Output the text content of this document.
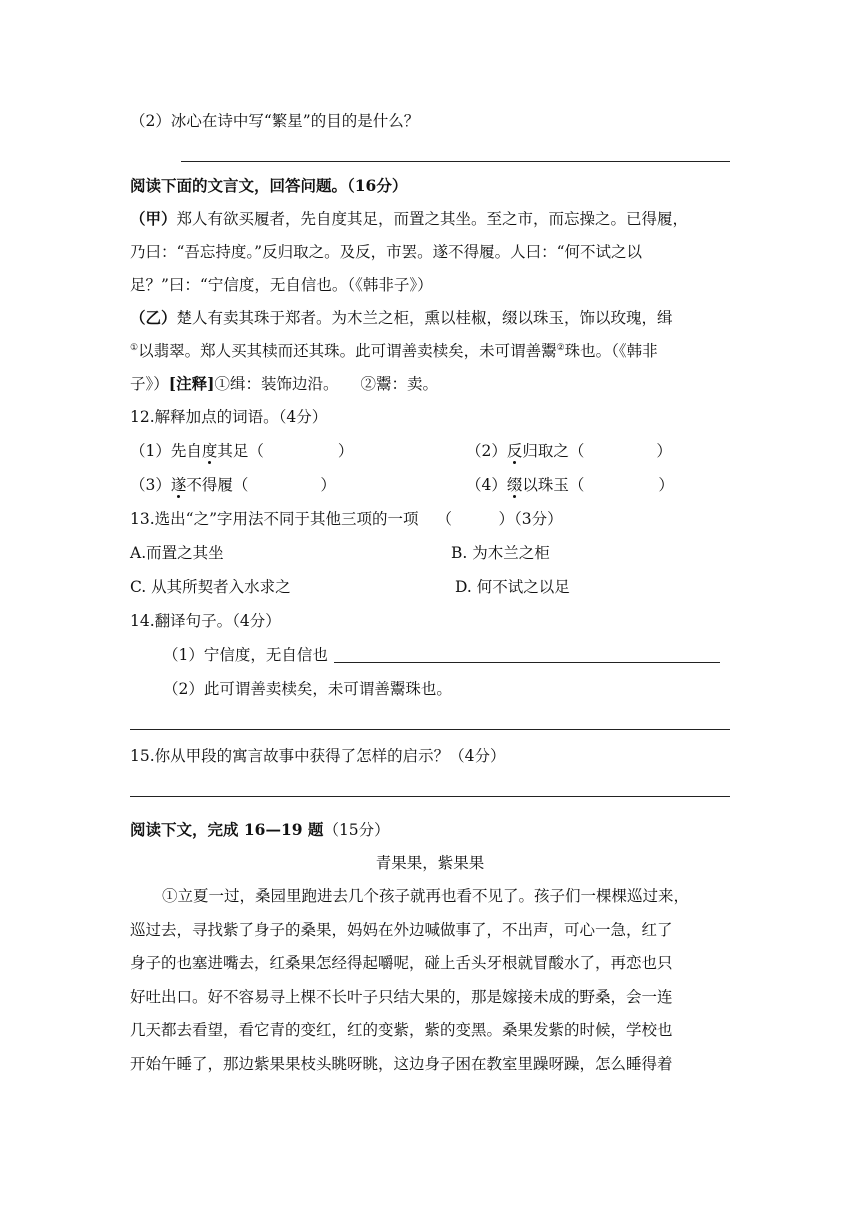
（2）冰心在诗中写“繁星”的目的是什么？
阅读下面的文言文，回答问题。（16分）
（甲）郑人有欲买履者，先自度其足，而置之其坐。至之市，而忘操之。已得履，
乃曰：“吾忘持度。”反归取之。及反，市罢。遂不得履。人曰：“何不试之以
足？”曰：“宁信度，无自信也。（《韩非子》）
（乙）楚人有卖其珠于郑者。为木兰之柜，熏以桂椒，缀以珠玉，饰以玫瑰，缉
①以翡翠。郑人买其椟而还其珠。此可谓善卖椟矣，未可谓善鬻②珠也。（《韩非
子》）[注释]①缉：装饰边沿。 ②鬻：卖。
12.解释加点的词语。（4分）
（1）先自度其足（	）	（2）反归取之（	）
（3）遂不得履（	）	（4）缀以珠玉（	）
13.选出“之”字用法不同于其他三项的一项 （　　　）（3分）
A.而置之其坐	B. 为木兰之柜
C. 从其所契者入水求之	D. 何不试之以足
14.翻译句子。（4分）
（1）宁信度，无自信也
（2）此可谓善卖椟矣，未可谓善鬻珠也。
15.你从甲段的寓言故事中获得了怎样的启示？（4分）
阅读下文，完成 16—19 题（15分）
青果果，紫果果
①立夏一过，桑园里跑进去几个孩子就再也看不见了。孩子们一棵棵巡过来，
巡过去，寻找紫了身子的桑果，妈妈在外边喊做事了，不出声，可心一急，红了
身子的也塞进嘴去，红桑果怎经得起嚼呢，碰上舌头牙根就冒酸水了，再恋也只
好吐出口。好不容易寻上棵不长叶子只结大果的，那是嫁接未成的野桑，会一连
几天都去看望，看它青的变红，红的变紫，紫的变黑。桑果发紫的时候，学校也
开始午睡了，那边紫果果枝头眺呀眺，这边身子困在教室里躁呀躁，怎么睡得着
